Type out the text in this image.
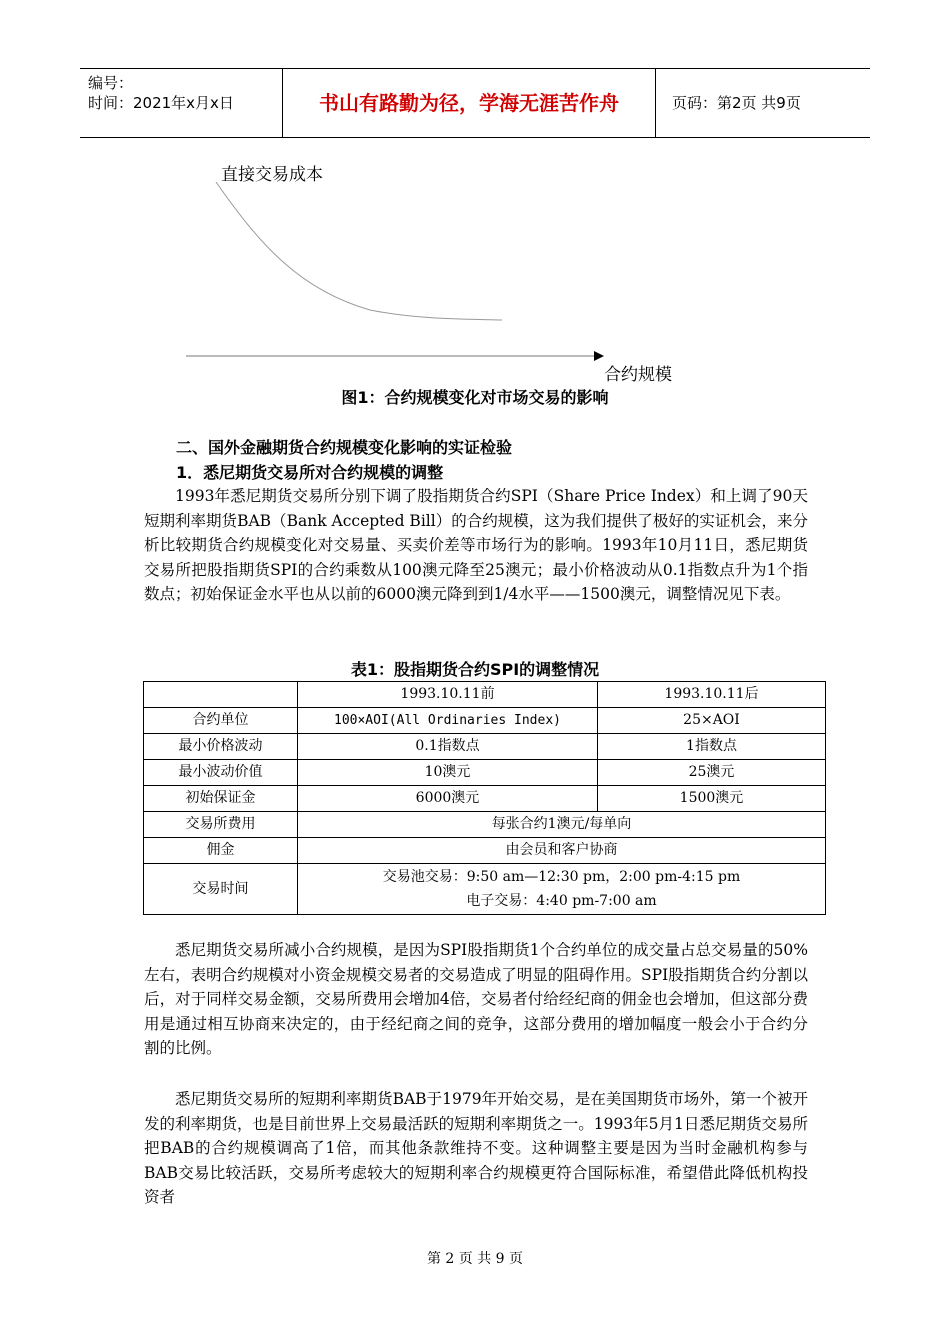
编号：
时间：2021年x月x日	书山有路勤为径，学海无涯苦作舟	页码：第2页 共9页
直接交易成本
合约规模
图1：合约规模变化对市场交易的影响
二、国外金融期货合约规模变化影响的实证检验
1．悉尼期货交易所对合约规模的调整

1993年悉尼期货交易所分别下调了股指期货合约SPI（Share Price Index）和上调了90天短期利率期货BAB（Bank Accepted Bill）的合约规模，这为我们提供了极好的实证机会，来分析比较期货合约规模变化对交易量、买卖价差等市场行为的影响。1993年10月11日，悉尼期货交易所把股指期货SPI的合约乘数从100澳元降至25澳元；最小价格波动从0.1指数点升为1个指数点；初始保证金水平也从以前的6000澳元降到到1/4水平——1500澳元，调整情况见下表。

表1：股指期货合约SPI的调整情况
	1993.10.11前	1993.10.11后
合约单位	100×AOI(All Ordinaries Index)	25×AOI
最小价格波动	0.1指数点	1指数点
最小波动价值	10澳元	25澳元
初始保证金	6000澳元	1500澳元
交易所费用	每张合约1澳元/每单向	
佣金	由会员和客户协商	
交易时间	交易池交易：9:50 am—12:30 pm，2:00 pm-4:15 pm
电子交易：4:40 pm-7:00 am	

悉尼期货交易所减小合约规模，是因为SPI股指期货1个合约单位的成交量占总交易量的50%左右，表明合约规模对小资金规模交易者的交易造成了明显的阻碍作用。SPI股指期货合约分割以后，对于同样交易金额，交易所费用会增加4倍，交易者付给经纪商的佣金也会增加，但这部分费用是通过相互协商来决定的，由于经纪商之间的竞争，这部分费用的增加幅度一般会小于合约分割的比例。

悉尼期货交易所的短期利率期货BAB于1979年开始交易，是在美国期货市场外，第一个被开发的利率期货，也是目前世界上交易最活跃的短期利率期货之一。1993年5月1日悉尼期货交易所把BAB的合约规模调高了1倍，而其他条款维持不变。这种调整主要是因为当时金融机构参与BAB交易比较活跃，交易所考虑较大的短期利率合约规模更符合国际标准，希望借此降低机构投资者

第 2 页 共 9 页
